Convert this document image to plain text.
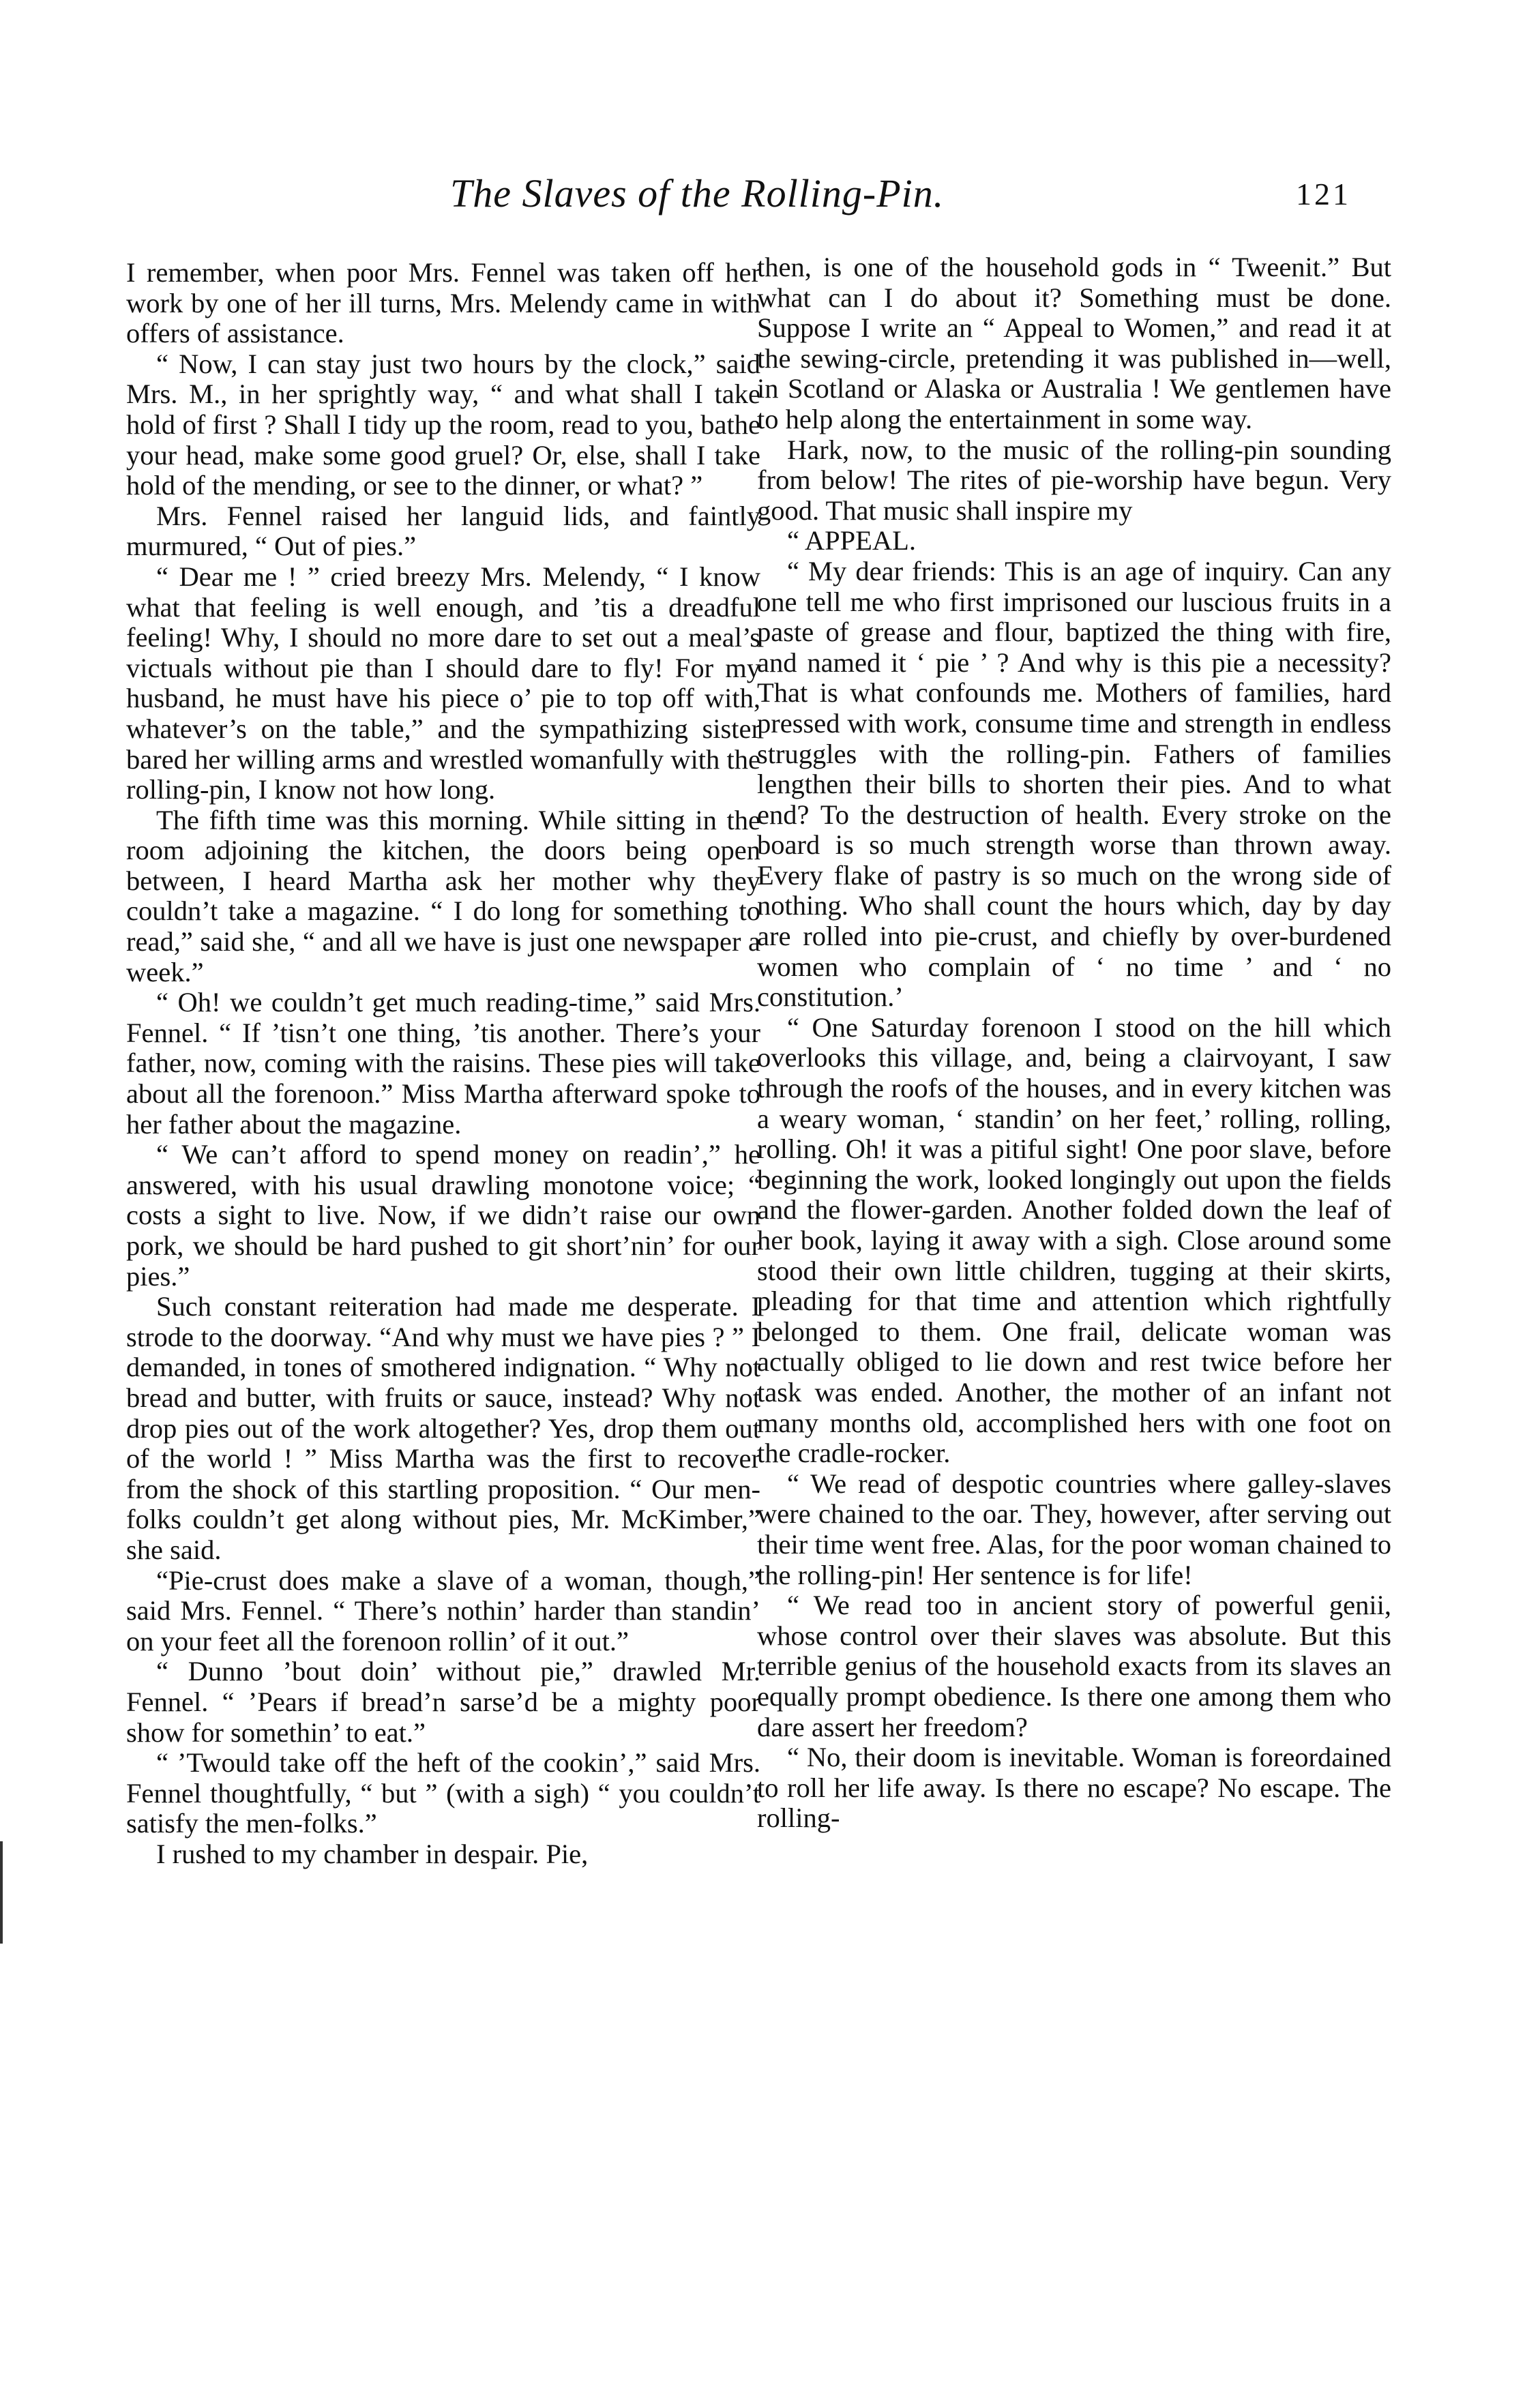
The Slaves of the Rolling-Pin.	121

I remember, when poor Mrs. Fennel was taken off her work by one of her ill turns, Mrs. Melendy came in with offers of assistance.

“ Now, I can stay just two hours by the clock,” said Mrs. M., in her sprightly way, “ and what shall I take hold of first ? Shall I tidy up the room, read to you, bathe your head, make some good gruel? Or, else, shall I take hold of the mending, or see to the dinner, or what? ”

Mrs. Fennel raised her languid lids, and faintly murmured, “ Out of pies.”

“ Dear me ! ” cried breezy Mrs. Melendy, “ I know what that feeling is well enough, and ’tis a dreadful feeling! Why, I should no more dare to set out a meal’s victuals without pie than I should dare to fly! For my husband, he must have his piece o’ pie to top off with, whatever’s on the table,” and the sympathizing sister bared her willing arms and wrestled womanfully with the rolling-pin, I know not how long.

The fifth time was this morning. While sitting in the room adjoining the kitchen, the doors being open between, I heard Martha ask her mother why they couldn’t take a magazine. “ I do long for something to read,” said she, “ and all we have is just one newspaper a week.”

“ Oh! we couldn’t get much reading-time,” said Mrs. Fennel. “ If ’tisn’t one thing, ’tis another. There’s your father, now, coming with the raisins. These pies will take about all the forenoon.” Miss Martha afterward spoke to her father about the magazine.

“ We can’t afford to spend money on readin’,” he answered, with his usual drawling monotone voice; “ costs a sight to live. Now, if we didn’t raise our own pork, we should be hard pushed to git short’nin’ for our pies.”

Such constant reiteration had made me desperate. I strode to the doorway. “And why must we have pies ? ” I demanded, in tones of smothered indignation. “ Why not bread and butter, with fruits or sauce, instead? Why not drop pies out of the work altogether? Yes, drop them out of the world ! ” Miss Martha was the first to recover from the shock of this startling proposition. “ Our men-folks couldn’t get along without pies, Mr. McKimber,” she said.

“Pie-crust does make a slave of a woman, though,” said Mrs. Fennel. “ There’s nothin’ harder than standin’ on your feet all the forenoon rollin’ of it out.”

“ Dunno ’bout doin’ without pie,” drawled Mr. Fennel. “ ’Pears if bread’n sarse’d be a mighty poor show for somethin’ to eat.”

“ ’Twould take off the heft of the cookin’,” said Mrs. Fennel thoughtfully, “ but ” (with a sigh) “ you couldn’t satisfy the men-folks.”

I rushed to my chamber in despair. Pie,

then, is one of the household gods in “ Tweenit.” But what can I do about it? Something must be done. Suppose I write an “ Appeal to Women,” and read it at the sewing-circle, pretending it was published in—well, in Scotland or Alaska or Australia ! We gentlemen have to help along the entertainment in some way.

Hark, now, to the music of the rolling-pin sounding from below! The rites of pie-worship have begun. Very good. That music shall inspire my

“ APPEAL.

“ My dear friends: This is an age of inquiry. Can any one tell me who first imprisoned our luscious fruits in a paste of grease and flour, baptized the thing with fire, and named it ‘ pie ’ ? And why is this pie a necessity? That is what confounds me. Mothers of families, hard pressed with work, consume time and strength in endless struggles with the rolling-pin. Fathers of families lengthen their bills to shorten their pies. And to what end? To the destruction of health. Every stroke on the board is so much strength worse than thrown away. Every flake of pastry is so much on the wrong side of nothing. Who shall count the hours which, day by day are rolled into pie-crust, and chiefly by over-burdened women who complain of ‘ no time ’ and ‘ no constitution.’

“ One Saturday forenoon I stood on the hill which overlooks this village, and, being a clairvoyant, I saw through the roofs of the houses, and in every kitchen was a weary woman, ‘ standin’ on her feet,’ rolling, rolling, rolling. Oh! it was a pitiful sight! One poor slave, before beginning the work, looked longingly out upon the fields and the flower-garden. Another folded down the leaf of her book, laying it away with a sigh. Close around some stood their own little children, tugging at their skirts, pleading for that time and attention which rightfully belonged to them. One frail, delicate woman was actually obliged to lie down and rest twice before her task was ended. Another, the mother of an infant not many months old, accomplished hers with one foot on the cradle-rocker.

“ We read of despotic countries where galley-slaves were chained to the oar. They, however, after serving out their time went free. Alas, for the poor woman chained to the rolling-pin! Her sentence is for life!

“ We read too in ancient story of powerful genii, whose control over their slaves was absolute. But this terrible genius of the household exacts from its slaves an equally prompt obedience. Is there one among them who dare assert her freedom?

“ No, their doom is inevitable. Woman is foreordained to roll her life away. Is there no escape? No escape. The rolling-
